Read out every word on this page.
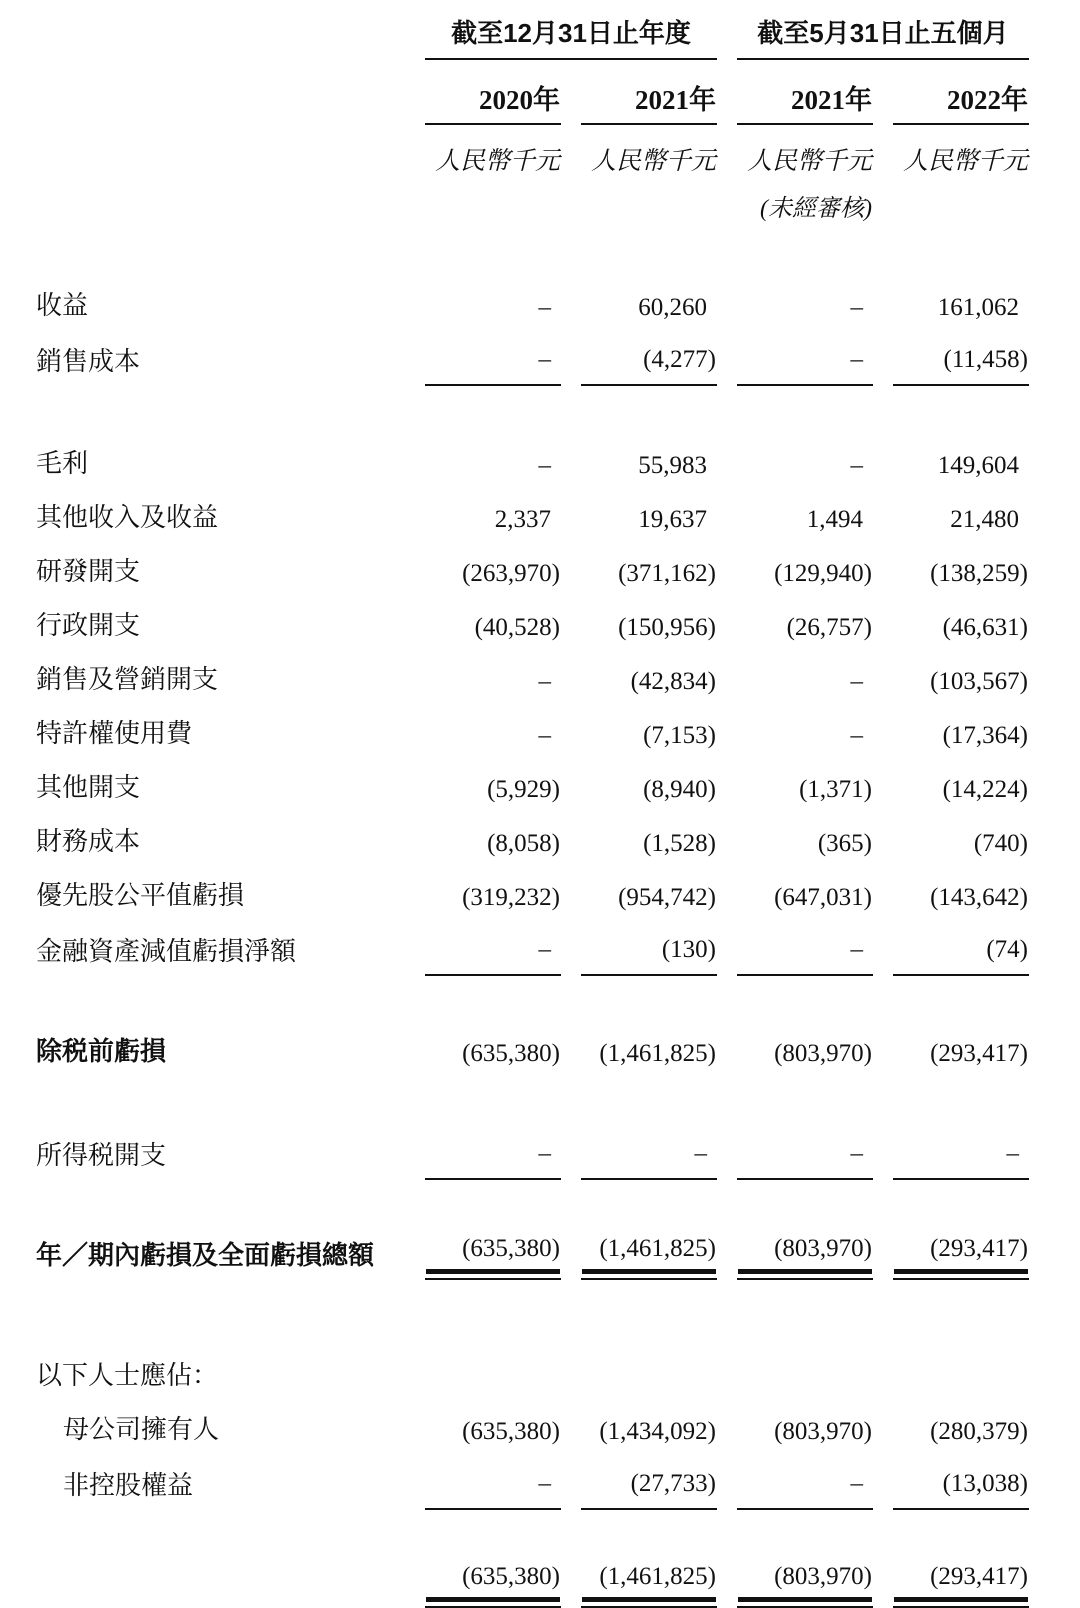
	截至12月31日止年度		截至5月31日止五個月	
	2020年	2021年	2021年	2022年
	人民幣千元	人民幣千元	人民幣千元	人民幣千元
			(未經審核)	

收益	–	60,260	–	161,062

銷售成本	–	(4,277)	–	(11,458)

毛利	–	55,983	–	149,604

其他收入及收益	2,337	19,637	1,494	21,480

研發開支	(263,970)	(371,162)	(129,940)	(138,259)

行政開支	(40,528)	(150,956)	(26,757)	(46,631)

銷售及營銷開支	–	(42,834)	–	(103,567)

特許權使用費	–	(7,153)	–	(17,364)

其他開支	(5,929)	(8,940)	(1,371)	(14,224)

財務成本	(8,058)	(1,528)	(365)	(740)

優先股公平值虧損	(319,232)	(954,742)	(647,031)	(143,642)

金融資產減值虧損淨額	–	(130)	–	(74)

除税前虧損	(635,380)	(1,461,825)	(803,970)	(293,417)

所得税開支	–	–	–	–

年／期內虧損及全面虧損總額	(635,380)	(1,461,825)	(803,970)	(293,417)

以下人士應佔：	

母公司擁有人	(635,380)	(1,434,092)	(803,970)	(280,379)

非控股權益	–	(27,733)	–	(13,038)

	(635,380)	(1,461,825)	(803,970)	(293,417)
